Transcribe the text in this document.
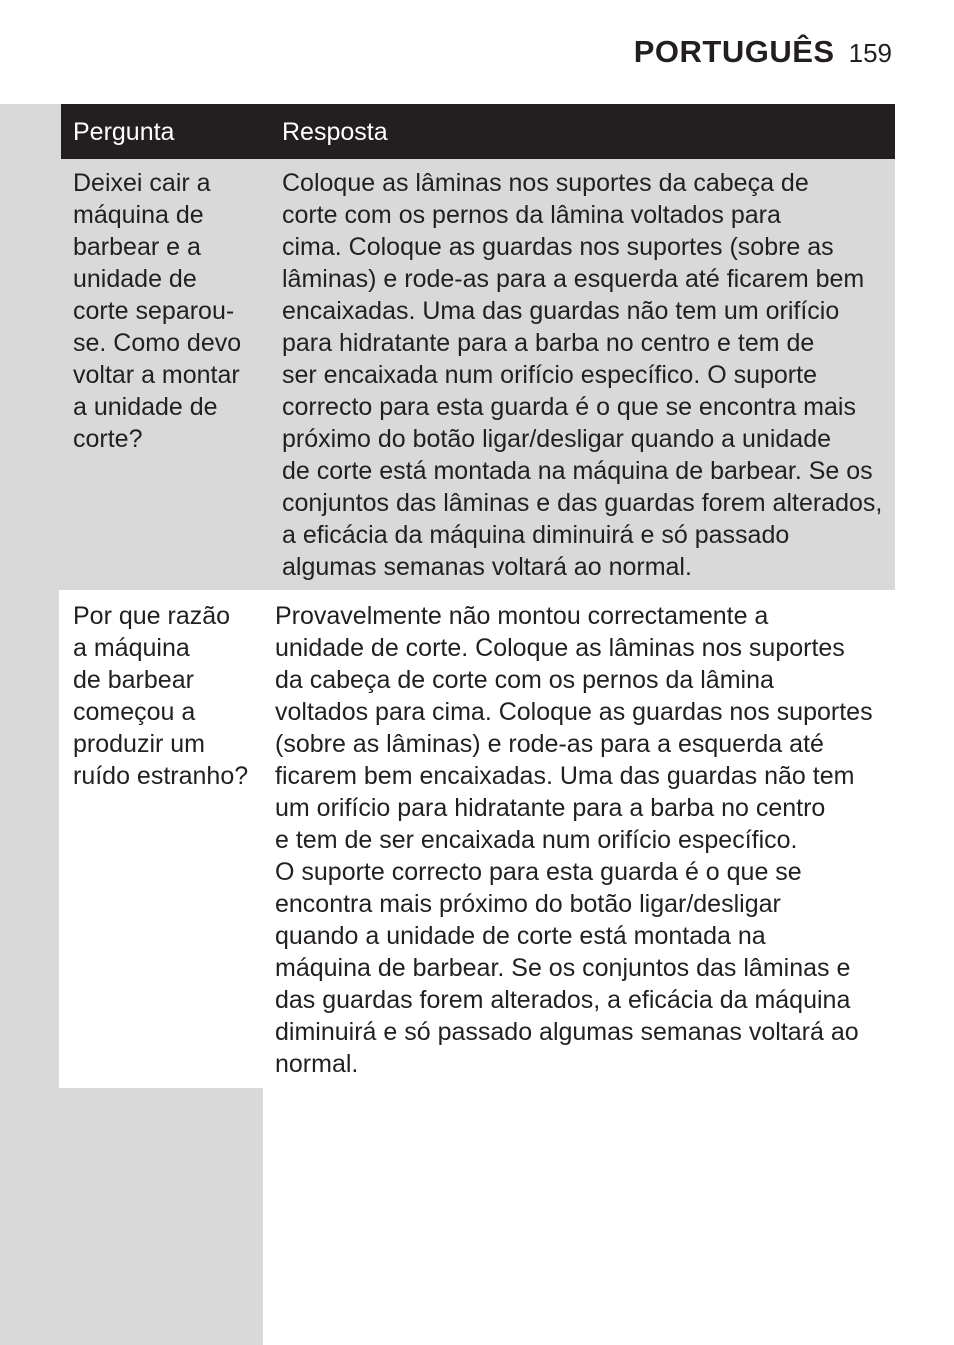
PORTUGUÊS 159
Pergunta	Resposta
Deixei cair a
máquina de
barbear e a
unidade de
corte separou-
se. Como devo
voltar a montar
a unidade de
corte?
Coloque as lâminas nos suportes da cabeça de
corte com os pernos da lâmina voltados para
cima. Coloque as guardas nos suportes (sobre as
lâminas) e rode-as para a esquerda até ficarem bem
encaixadas. Uma das guardas não tem um orifício
para hidratante para a barba no centro e tem de
ser encaixada num orifício específico. O suporte
correcto para esta guarda é o que se encontra mais
próximo do botão ligar/desligar quando a unidade
de corte está montada na máquina de barbear. Se os
conjuntos das lâminas e das guardas forem alterados,
a eficácia da máquina diminuirá e só passado
algumas semanas voltará ao normal.
Por que razão
a máquina
de barbear
começou a
produzir um
ruído estranho?
Provavelmente não montou correctamente a
unidade de corte. Coloque as lâminas nos suportes
da cabeça de corte com os pernos da lâmina
voltados para cima. Coloque as guardas nos suportes
(sobre as lâminas) e rode-as para a esquerda até
ficarem bem encaixadas. Uma das guardas não tem
um orifício para hidratante para a barba no centro
e tem de ser encaixada num orifício específico.
O suporte correcto para esta guarda é o que se
encontra mais próximo do botão ligar/desligar
quando a unidade de corte está montada na
máquina de barbear. Se os conjuntos das lâminas e
das guardas forem alterados, a eficácia da máquina
diminuirá e só passado algumas semanas voltará ao
normal.
